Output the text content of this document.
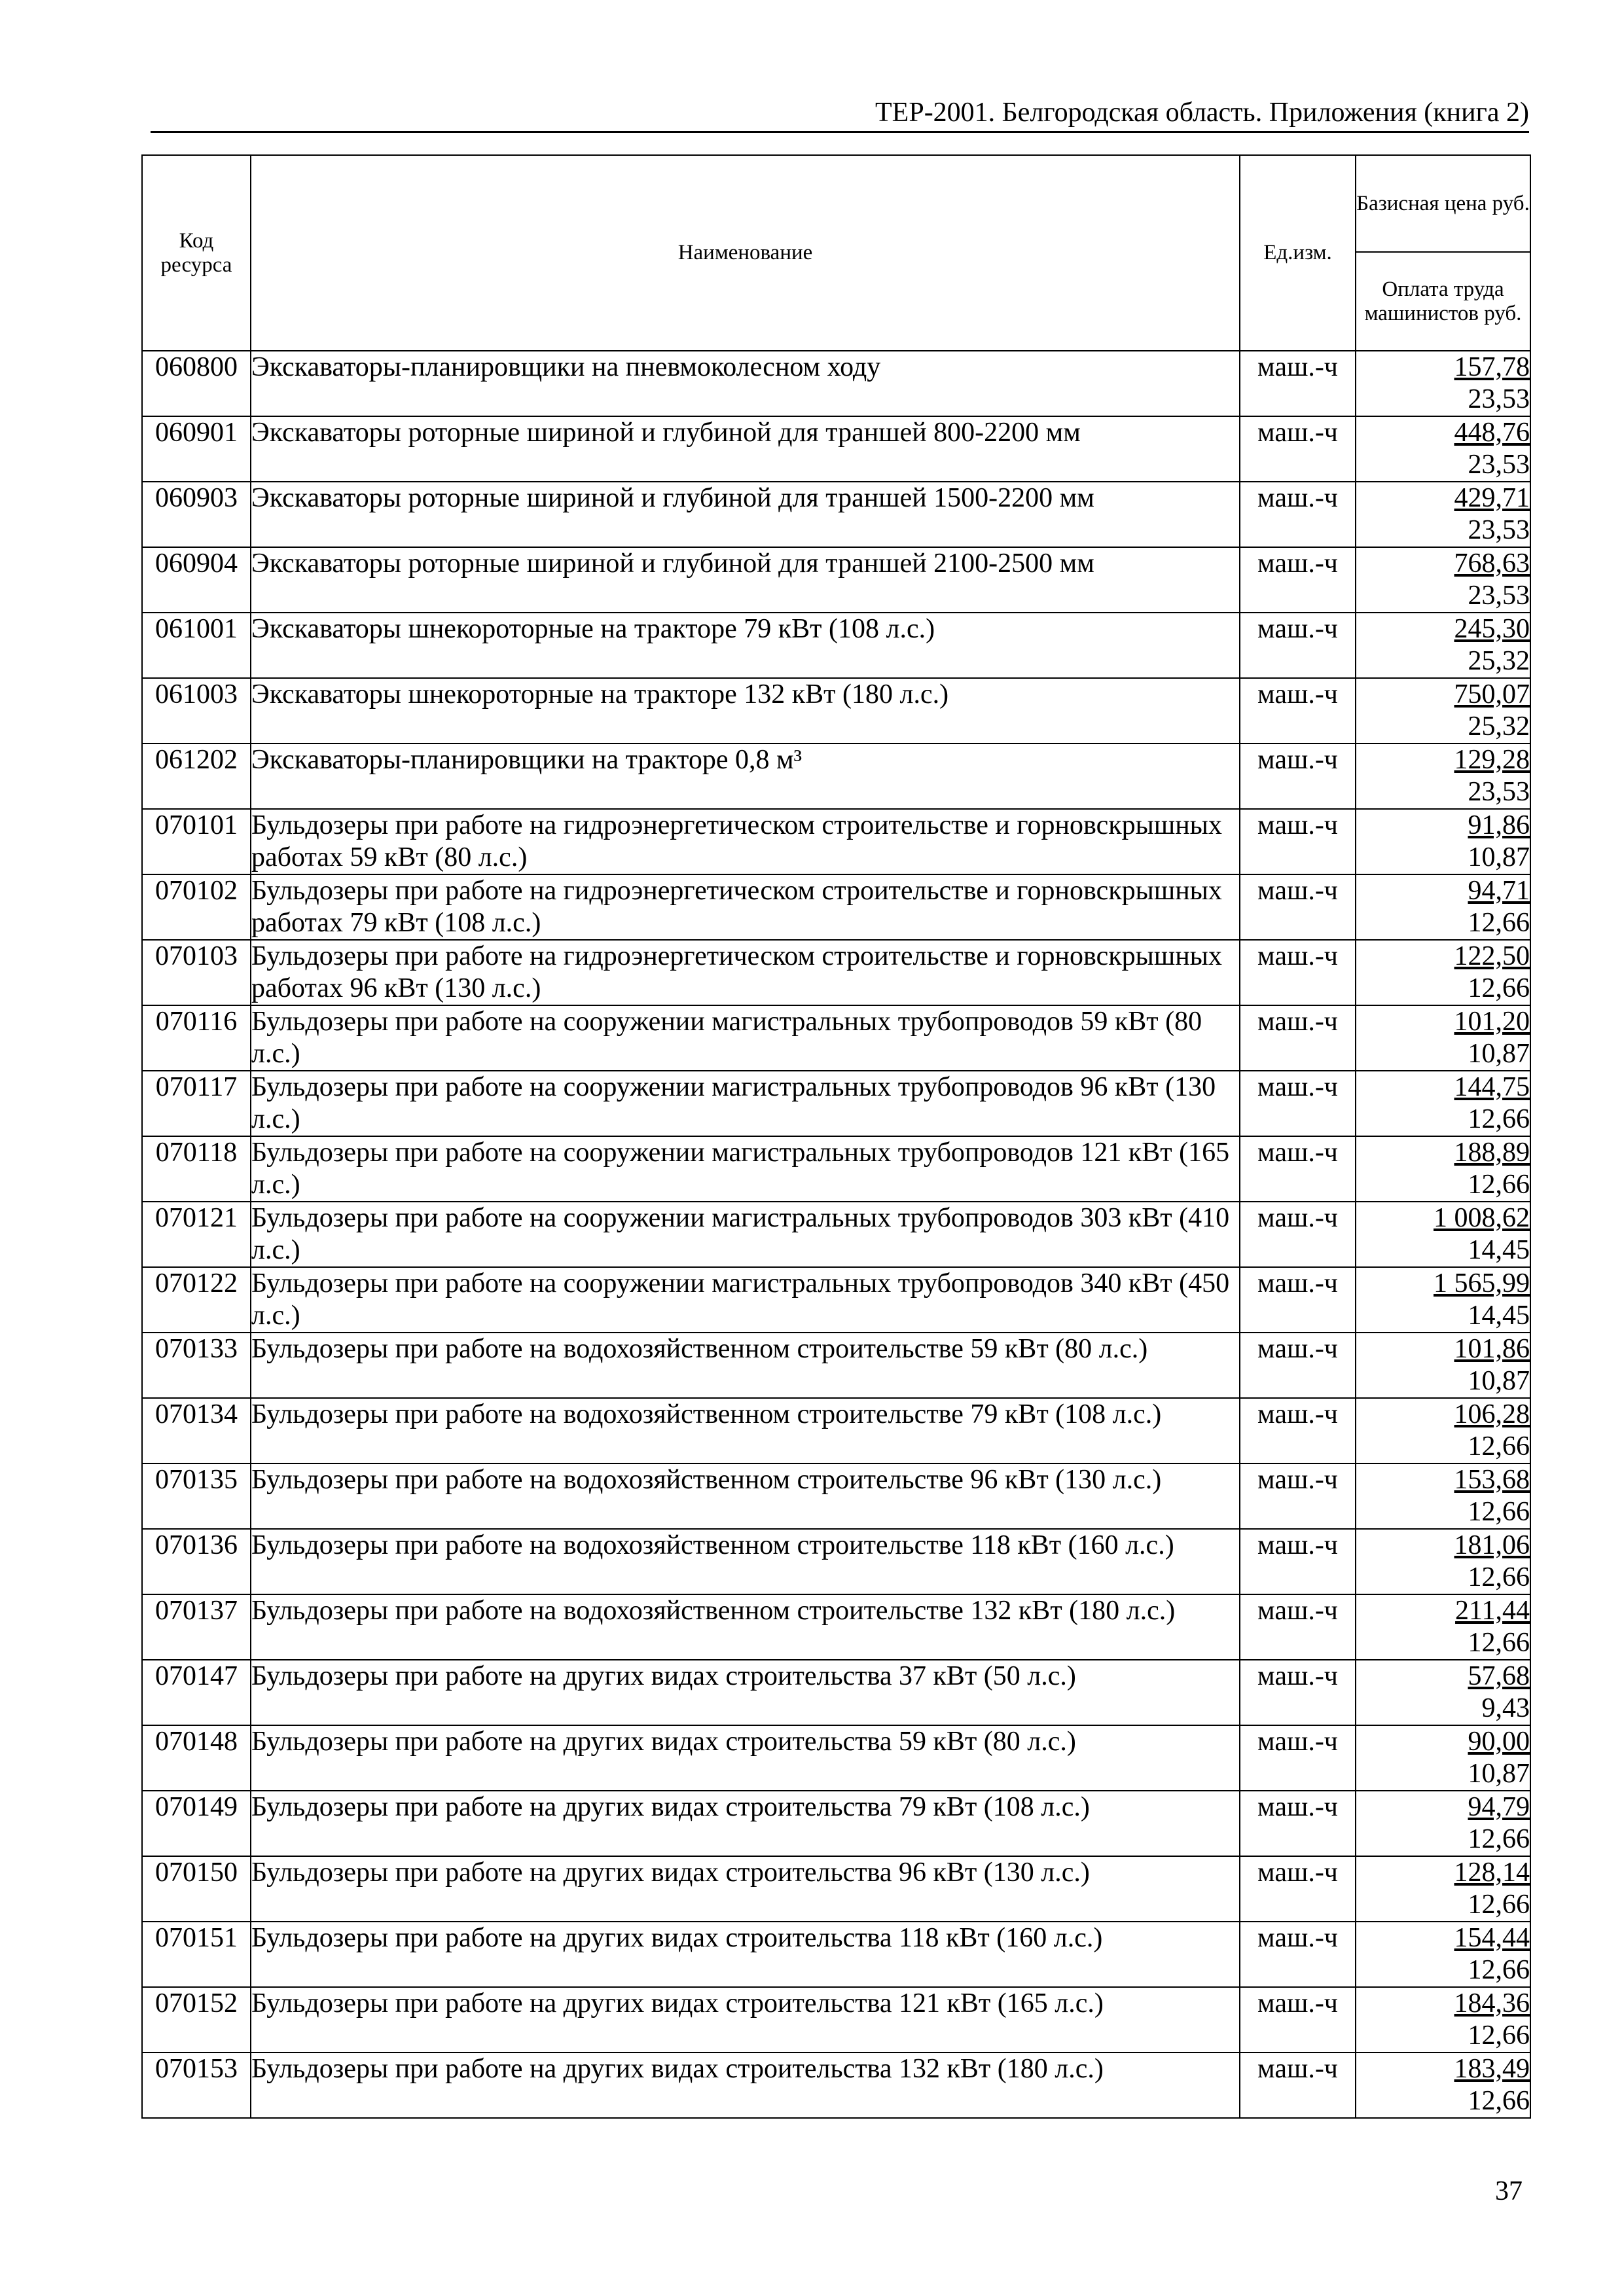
ТЕР-2001. Белгородская область. Приложения (книга 2)
Код ресурса	Наименование	Ед.изм.	Базисная цена руб.
			Оплата труда машинистов руб.
060800	Экскаваторы-планировщики на пневмоколесном ходу	маш.-ч	157,78
23,53

060901	Экскаваторы роторные шириной и глубиной для траншей 800-2200 мм	маш.-ч	448,76
23,53

060903	Экскаваторы роторные шириной и глубиной для траншей 1500-2200 мм	маш.-ч	429,71
23,53

060904	Экскаваторы роторные шириной и глубиной для траншей 2100-2500 мм	маш.-ч	768,63
23,53

061001	Экскаваторы шнекороторные на тракторе 79 кВт (108 л.с.)	маш.-ч	245,30
25,32

061003	Экскаваторы шнекороторные на тракторе 132 кВт (180 л.с.)	маш.-ч	750,07
25,32

061202	Экскаваторы-планировщики на тракторе 0,8 м³	маш.-ч	129,28
23,53

070101	Бульдозеры при работе на гидроэнергетическом строительстве и горновскрышных работах 59 кВт (80 л.с.)	маш.-ч	91,86
10,87

070102	Бульдозеры при работе на гидроэнергетическом строительстве и горновскрышных работах 79 кВт (108 л.с.)	маш.-ч	94,71
12,66

070103	Бульдозеры при работе на гидроэнергетическом строительстве и горновскрышных работах 96 кВт (130 л.с.)	маш.-ч	122,50
12,66

070116	Бульдозеры при работе на сооружении магистральных трубопроводов 59 кВт (80 л.с.)	маш.-ч	101,20
10,87

070117	Бульдозеры при работе на сооружении магистральных трубопроводов 96 кВт (130 л.с.)	маш.-ч	144,75
12,66

070118	Бульдозеры при работе на сооружении магистральных трубопроводов 121 кВт (165 л.с.)	маш.-ч	188,89
12,66

070121	Бульдозеры при работе на сооружении магистральных трубопроводов 303 кВт (410 л.с.)	маш.-ч	1 008,62
14,45

070122	Бульдозеры при работе на сооружении магистральных трубопроводов 340 кВт (450 л.с.)	маш.-ч	1 565,99
14,45

070133	Бульдозеры при работе на водохозяйственном строительстве 59 кВт (80 л.с.)	маш.-ч	101,86
10,87

070134	Бульдозеры при работе на водохозяйственном строительстве 79 кВт (108 л.с.)	маш.-ч	106,28
12,66

070135	Бульдозеры при работе на водохозяйственном строительстве 96 кВт (130 л.с.)	маш.-ч	153,68
12,66

070136	Бульдозеры при работе на водохозяйственном строительстве 118 кВт (160 л.с.)	маш.-ч	181,06
12,66

070137	Бульдозеры при работе на водохозяйственном строительстве 132 кВт (180 л.с.)	маш.-ч	211,44
12,66

070147	Бульдозеры при работе на других видах строительства 37 кВт (50 л.с.)	маш.-ч	57,68
9,43

070148	Бульдозеры при работе на других видах строительства 59 кВт (80 л.с.)	маш.-ч	90,00
10,87

070149	Бульдозеры при работе на других видах строительства 79 кВт (108 л.с.)	маш.-ч	94,79
12,66

070150	Бульдозеры при работе на других видах строительства 96 кВт (130 л.с.)	маш.-ч	128,14
12,66

070151	Бульдозеры при работе на других видах строительства 118 кВт (160 л.с.)	маш.-ч	154,44
12,66

070152	Бульдозеры при работе на других видах строительства 121 кВт (165 л.с.)	маш.-ч	184,36
12,66

070153	Бульдозеры при работе на других видах строительства 132 кВт (180 л.с.)	маш.-ч	183,49
12,66
37
